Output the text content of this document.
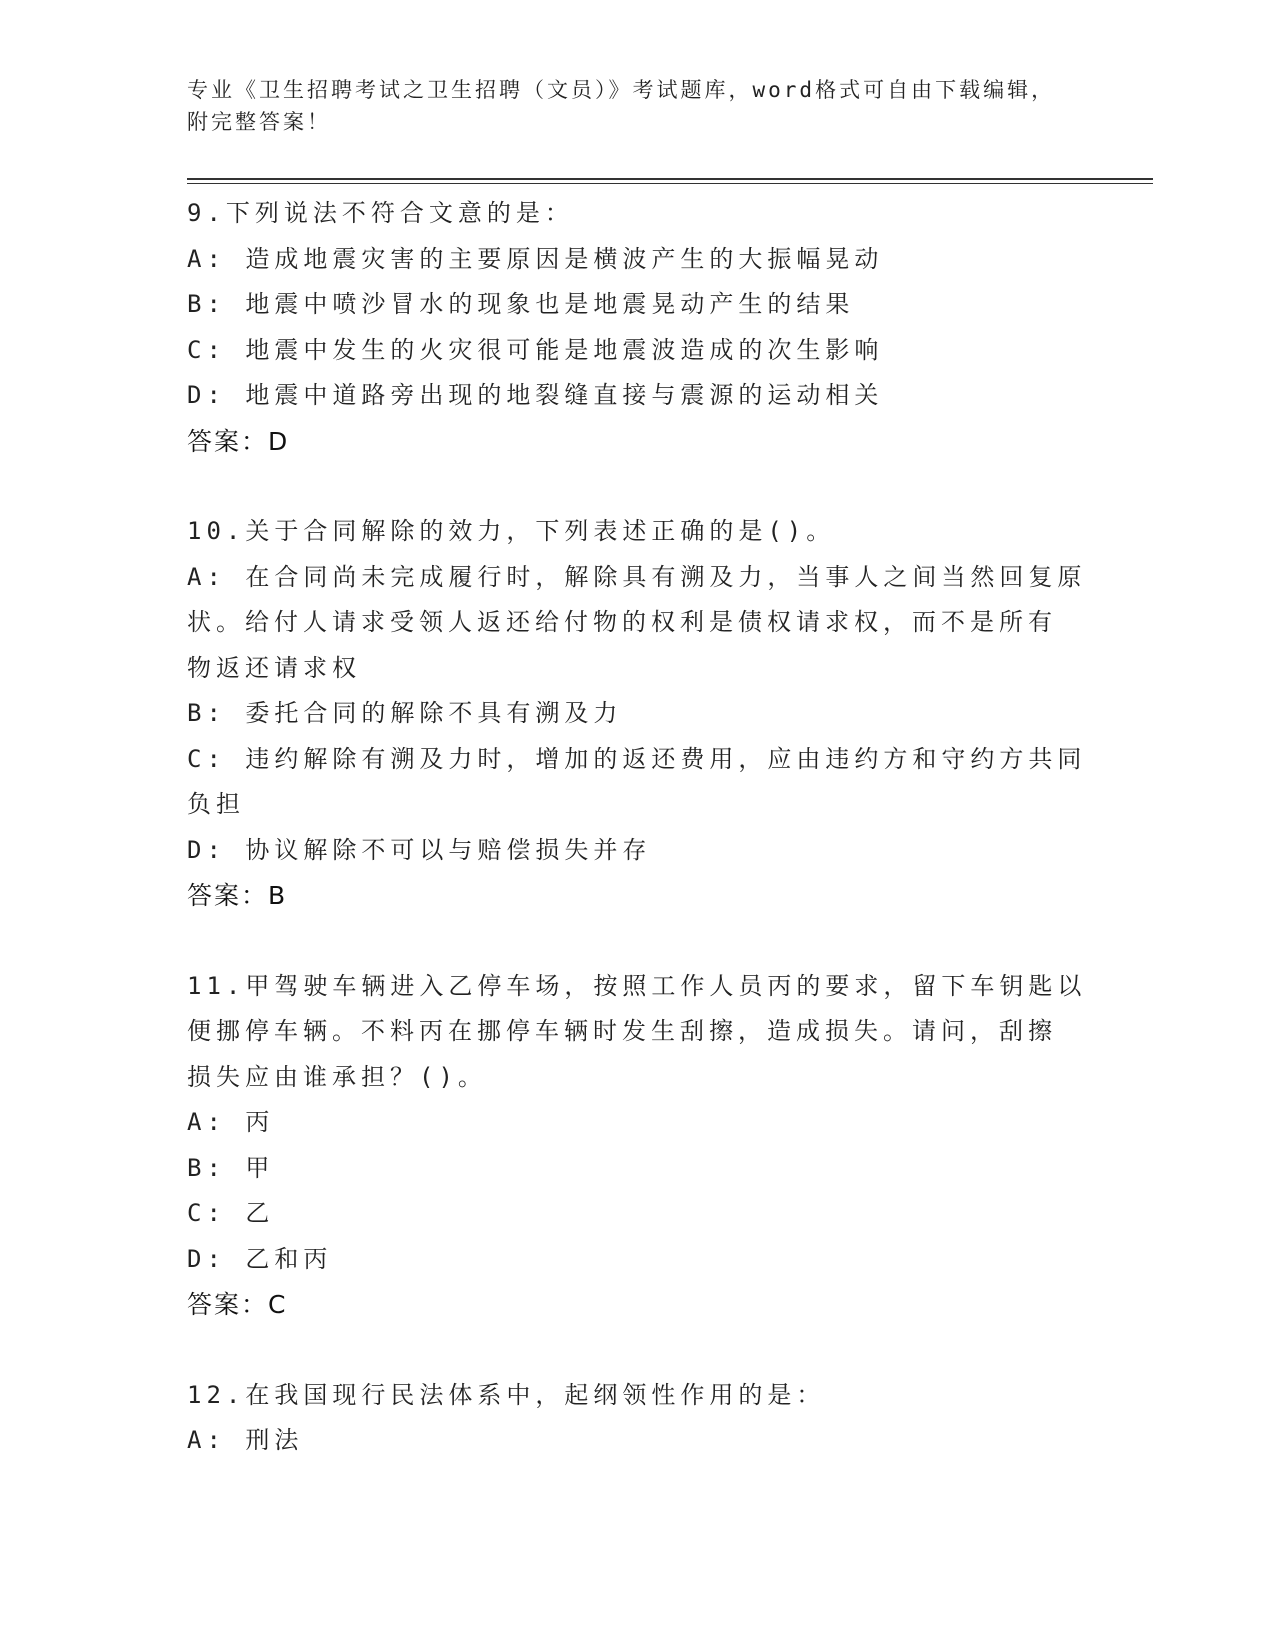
专业《卫生招聘考试之卫生招聘（文员）》考试题库，word格式可自由下载编辑，附完整答案！
9.下列说法不符合文意的是：
A: 造成地震灾害的主要原因是横波产生的大振幅晃动
B: 地震中喷沙冒水的现象也是地震晃动产生的结果
C: 地震中发生的火灾很可能是地震波造成的次生影响
D: 地震中道路旁出现的地裂缝直接与震源的运动相关
答案：D
10.关于合同解除的效力，下列表述正确的是()。
A: 在合同尚未完成履行时，解除具有溯及力，当事人之间当然回复原
状。给付人请求受领人返还给付物的权利是债权请求权，而不是所有
物返还请求权
B: 委托合同的解除不具有溯及力
C: 违约解除有溯及力时，增加的返还费用，应由违约方和守约方共同
负担
D: 协议解除不可以与赔偿损失并存
答案：B
11.甲驾驶车辆进入乙停车场，按照工作人员丙的要求，留下车钥匙以
便挪停车辆。不料丙在挪停车辆时发生刮擦，造成损失。请问，刮擦
损失应由谁承担？()。
A: 丙
B: 甲
C: 乙
D: 乙和丙
答案：C
12.在我国现行民法体系中，起纲领性作用的是：
A: 刑法
